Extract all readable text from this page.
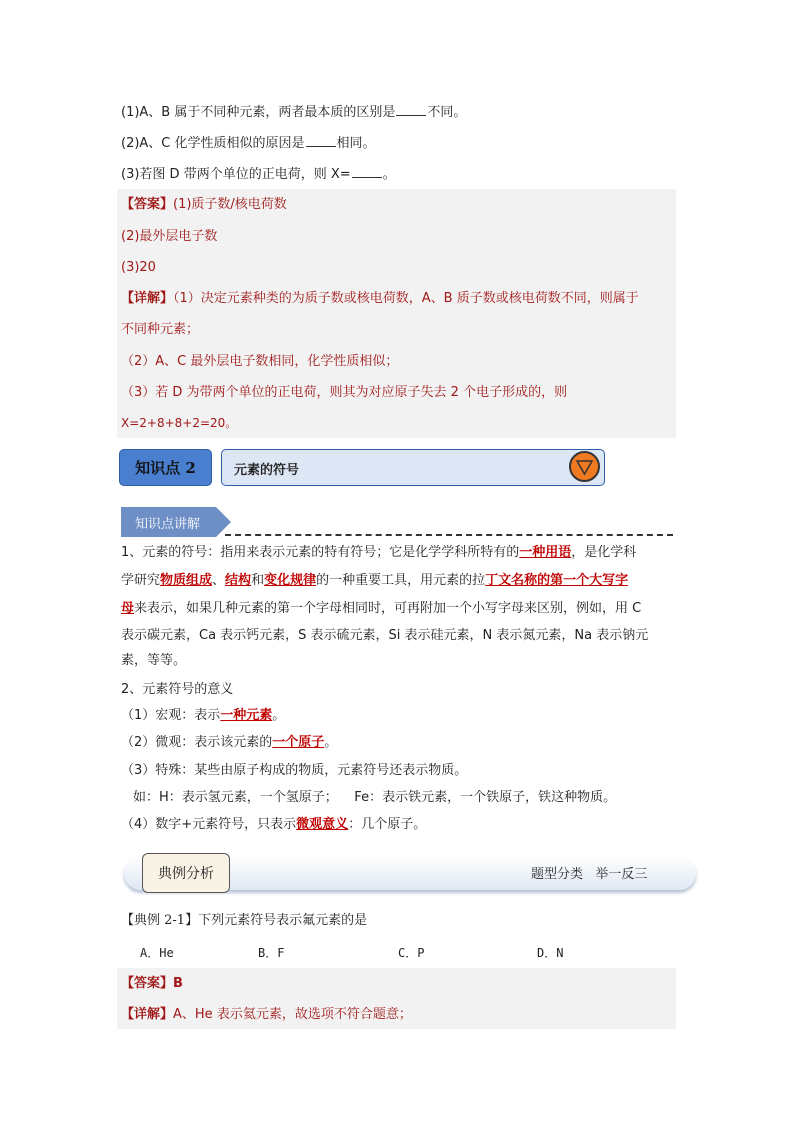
(1)A、B 属于不同种元素，两者最本质的区别是 不同。
(2)A、C 化学性质相似的原因是 相同。
(3)若图 D 带两个单位的正电荷，则 X= 。
【答案】(1)质子数/核电荷数
(2)最外层电子数
(3)20
【详解】（1）决定元素种类的为质子数或核电荷数，A、B 质子数或核电荷数不同，则属于
不同种元素；
（2）A、C 最外层电子数相同，化学性质相似；
（3）若 D 为带两个单位的正电荷，则其为对应原子失去 2 个电子形成的，则
X=2+8+8+2=20。
知识点 2	元素的符号
知识点讲解
1、元素的符号：指用来表示元素的特有符号；它是化学学科所特有的一种用语，是化学科
学研究物质组成、结构和变化规律的一种重要工具，用元素的拉丁文名称的第一个大写字
母来表示，如果几种元素的第一个字母相同时，可再附加一个小写字母来区别，例如，用 C
表示碳元素，Ca 表示钙元素，S 表示硫元素，Si 表示硅元素，N 表示氮元素，Na 表示钠元
素，等等。
2、元素符号的意义
（1）宏观：表示一种元素。
（2）微观：表示该元素的一个原子。
（3）特殊：某些由原子构成的物质，元素符号还表示物质。
如：H：表示氢元素，一个氢原子；    Fe：表示铁元素，一个铁原子，铁这种物质。
（4）数字+元素符号，只表示微观意义：几个原子。
典例分析	题型分类   举一反三
【典例 2-1】下列元素符号表示氟元素的是
A．He	B．F	C．P	D．N
【答案】B
【详解】A、He 表示氦元素，故选项不符合题意；
